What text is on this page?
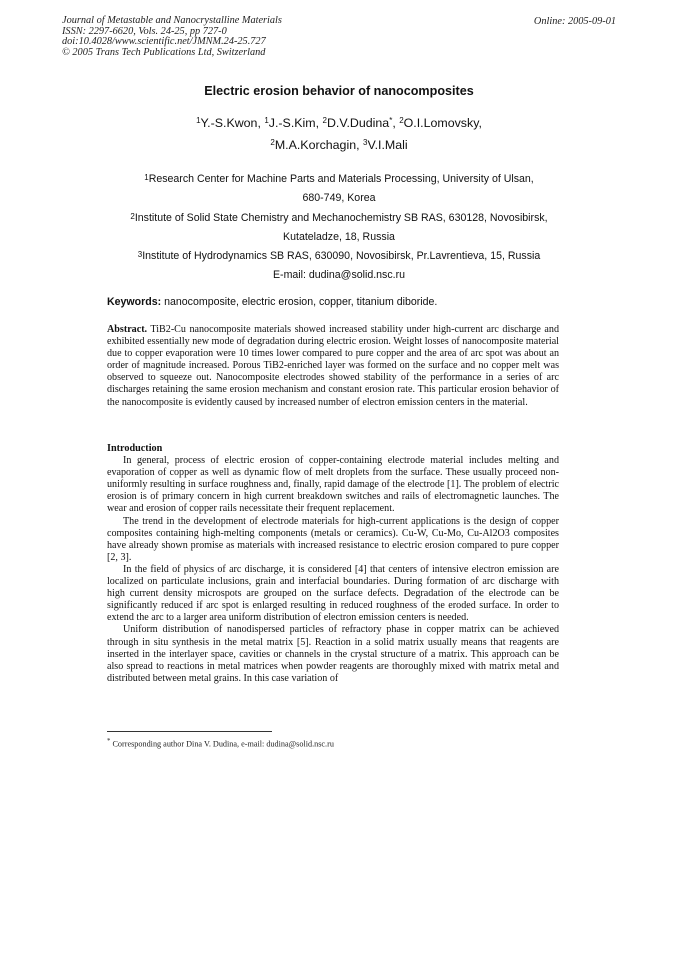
Journal of Metastable and Nanocrystalline Materials
ISSN: 2297-6620, Vols. 24-25, pp 727-0
doi:10.4028/www.scientific.net/JMNM.24-25.727
© 2005 Trans Tech Publications Ltd, Switzerland
Online: 2005-09-01
Electric erosion behavior of nanocomposites
$^1$Y.-S.Kwon, $^1$J.-S.Kim, $^2$D.V.Dudina*, $^2$O.I.Lomovsky,
$^2$M.A.Korchagin, $^3$V.I.Mali
$^1$Research Center for Machine Parts and Materials Processing, University of Ulsan,
680-749, Korea
$^2$Institute of Solid State Chemistry and Mechanochemistry SB RAS, 630128, Novosibirsk,
Kutateladze, 18, Russia
$^3$Institute of Hydrodynamics SB RAS, 630090, Novosibirsk, Pr.Lavrentieva, 15, Russia
E-mail: dudina@solid.nsc.ru
Keywords: nanocomposite, electric erosion, copper, titanium diboride.

Abstract. TiB2-Cu nanocomposite materials showed increased stability under high-current arc discharge and exhibited essentially new mode of degradation during electric erosion. Weight losses of nanocomposite material due to copper evaporation were 10 times lower compared to pure copper and the area of arc spot was about an order of magnitude increased. Porous TiB2-enriched layer was formed on the surface and no copper melt was observed to squeeze out. Nanocomposite electrodes showed stability of the performance in a series of arc discharges retaining the same erosion mechanism and constant erosion rate. This particular erosion behavior of the nanocomposite is evidently caused by increased number of electron emission centers in the material.

Introduction

In general, process of electric erosion of copper-containing electrode material includes melting and evaporation of copper as well as dynamic flow of melt droplets from the surface. These usually proceed non-uniformly resulting in surface roughness and, finally, rapid damage of the electrode [1]. The problem of electric erosion is of primary concern in high current breakdown switches and rails of electromagnetic launches. The wear and erosion of copper rails necessitate their frequent replacement.

The trend in the development of electrode materials for high-current applications is the design of copper composites containing high-melting components (metals or ceramics). Cu-W, Cu-Mo, Cu-Al2O3 composites have already shown promise as materials with increased resistance to electric erosion compared to pure copper [2, 3].

In the field of physics of arc discharge, it is considered [4] that centers of intensive electron emission are localized on particulate inclusions, grain and interfacial boundaries. During formation of arc discharge with high current density microspots are grouped on the surface defects. Degradation of the electrode can be significantly reduced if arc spot is enlarged resulting in reduced roughness of the eroded surface. In order to extend the arc to a larger area uniform distribution of electron emission centers is needed.

Uniform distribution of nanodispersed particles of refractory phase in copper matrix can be achieved through in situ synthesis in the metal matrix [5]. Reaction in a solid matrix usually means that reagents are inserted in the interlayer space, cavities or channels in the crystal structure of a matrix. This approach can be also spread to reactions in metal matrices when powder reagents are thoroughly mixed with matrix metal and distributed between metal grains. In this case variation of

* Corresponding author Dina V. Dudina, e-mail: dudina@solid.nsc.ru
